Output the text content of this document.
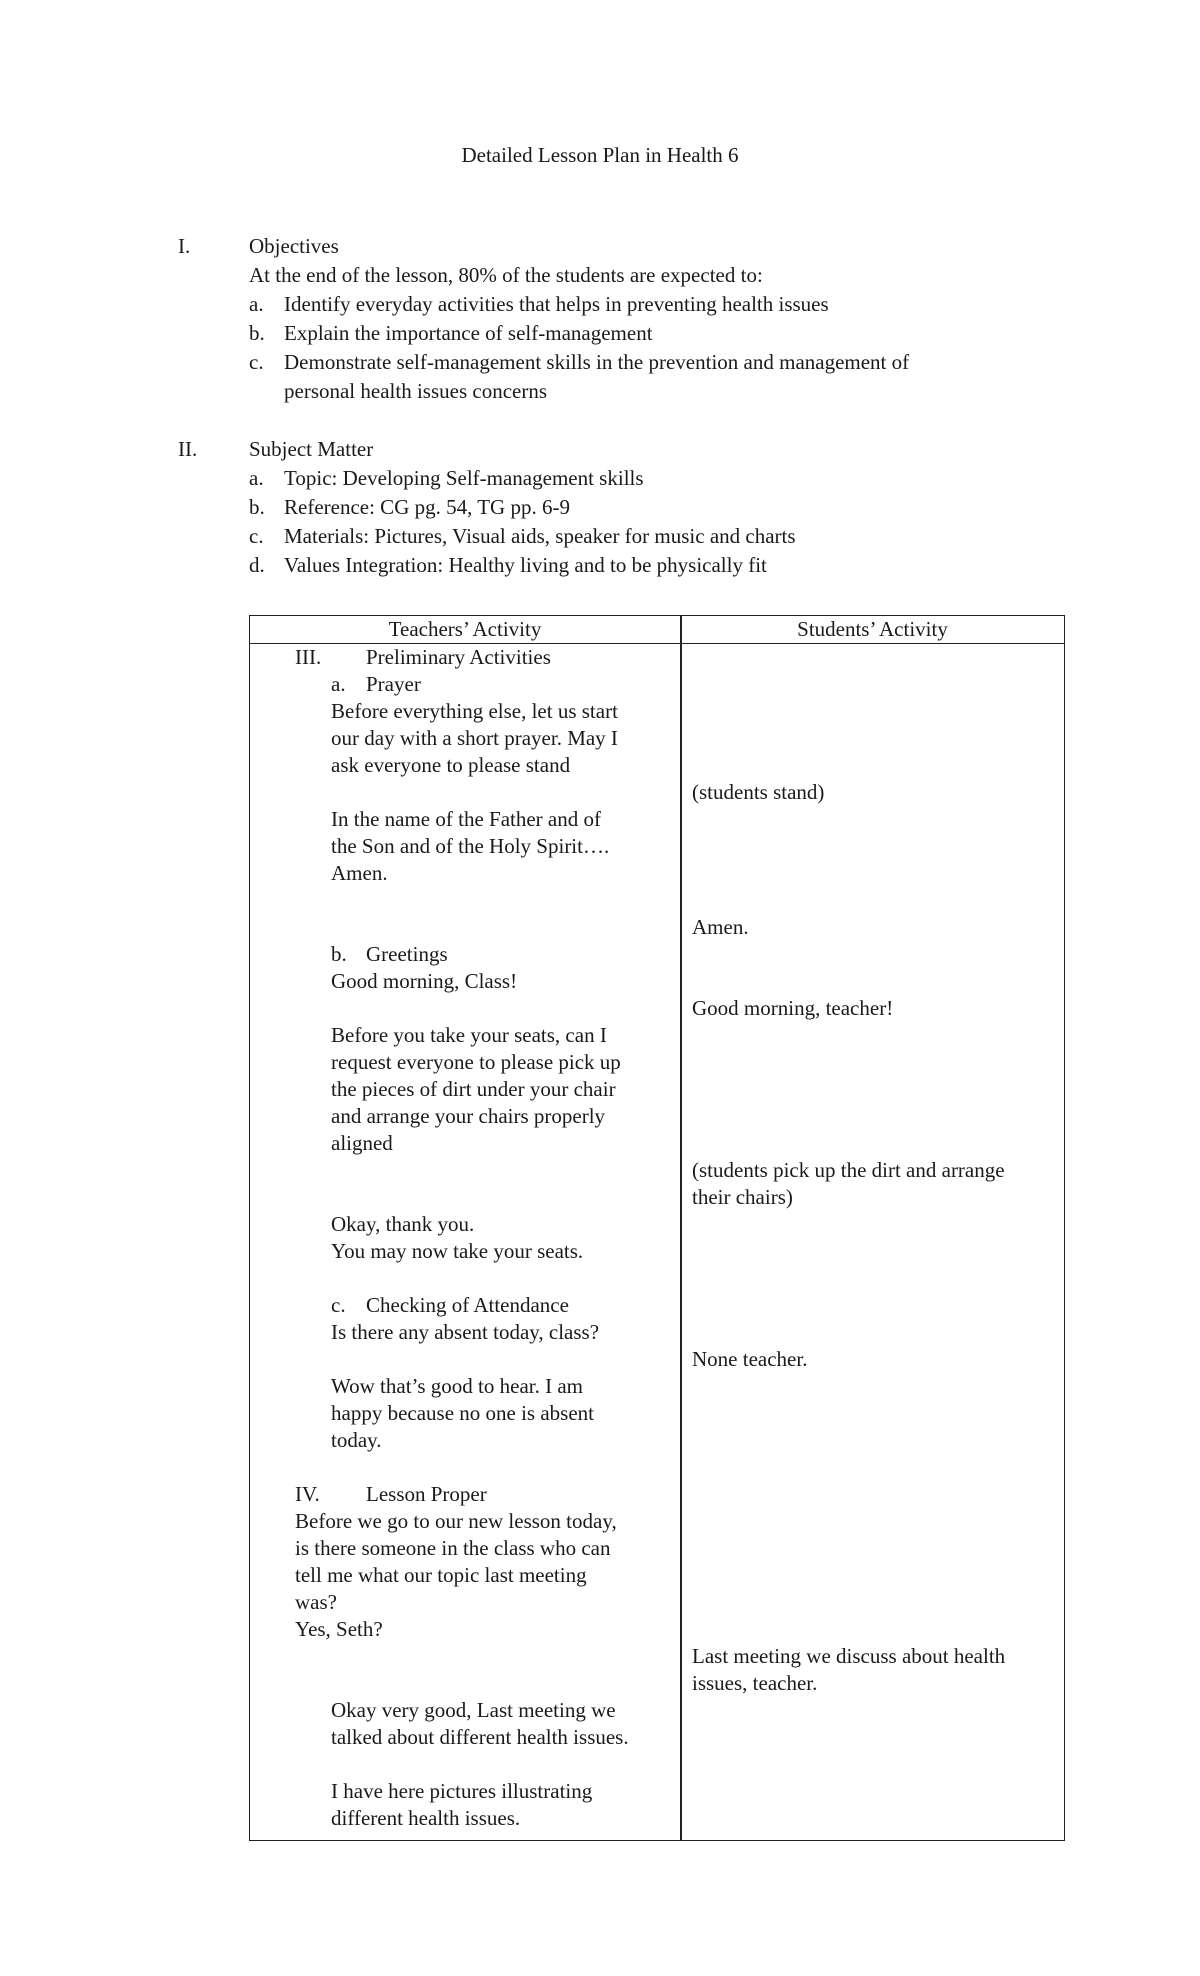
Detailed Lesson Plan in Health 6
I.	Objectives
At the end of the lesson, 80% of the students are expected to:
a. Identify everyday activities that helps in preventing health issues
b. Explain the importance of self-management
c. Demonstrate self-management skills in the prevention and management of
personal health issues concerns
II. Subject Matter
a. Topic: Developing Self-management skills
b. Reference: CG pg. 54, TG pp. 6-9
c. Materials: Pictures, Visual aids, speaker for music and charts
d. Values Integration: Healthy living and to be physically fit
Teachers’ Activity	Students’ Activity
III. Preliminary Activities
a. Prayer
Before everything else, let us start
our day with a short prayer. May I
ask everyone to please stand
In the name of the Father and of
the Son and of the Holy Spirit….
Amen.
b. Greetings
Good morning, Class!
Before you take your seats, can I
request everyone to please pick up
the pieces of dirt under your chair
and arrange your chairs properly
aligned
Okay, thank you.
You may now take your seats.
c. Checking of Attendance
Is there any absent today, class?
Wow that’s good to hear. I am
happy because no one is absent
today.
IV. Lesson Proper
Before we go to our new lesson today,
is there someone in the class who can
tell me what our topic last meeting
was?
Yes, Seth?
Okay very good, Last meeting we
talked about different health issues.
I have here pictures illustrating
different health issues.
(students stand)
Amen.
Good morning, teacher!
(students pick up the dirt and arrange
their chairs)
None teacher.
Last meeting we discuss about health
issues, teacher.
